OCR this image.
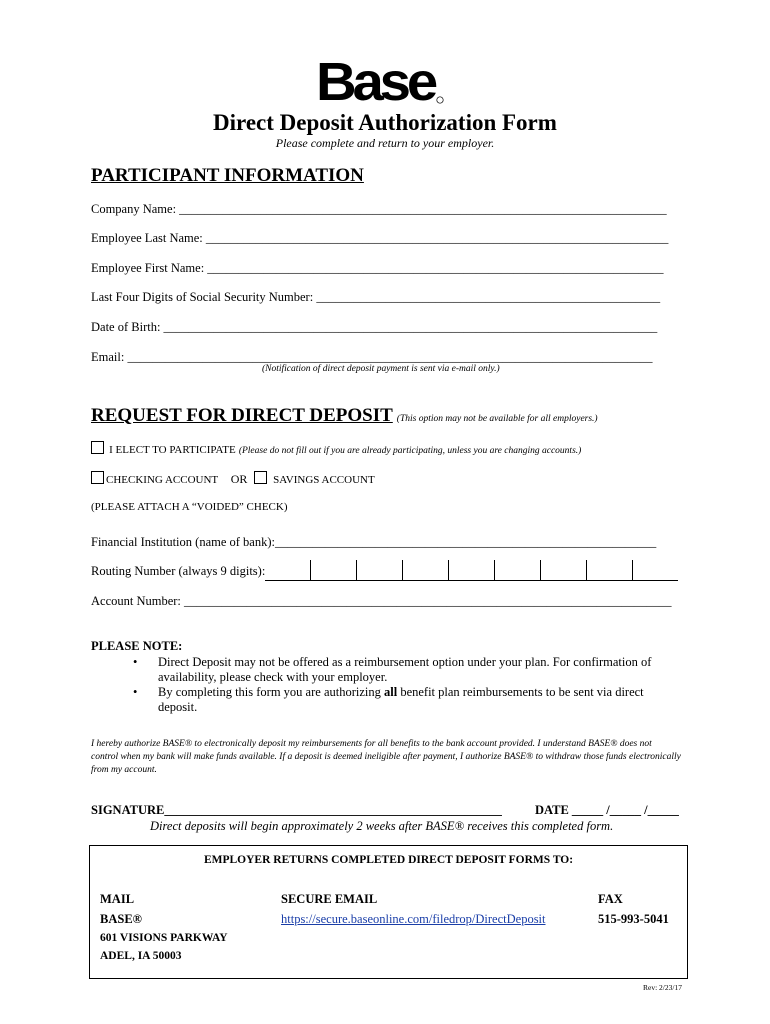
Base
Direct Deposit Authorization Form
Please complete and return to your employer.
PARTICIPANT INFORMATION
Company Name: ______________________________________________________________________________
Employee Last Name: __________________________________________________________________________
Employee First Name: _________________________________________________________________________
Last Four Digits of Social Security Number: _______________________________________________________
Date of Birth: _______________________________________________________________________________
Email: ____________________________________________________________________________________
(Notification of direct deposit payment is sent via e-mail only.)
REQUEST FOR DIRECT DEPOSIT (This option may not be available for all employers.)
I ELECT TO PARTICIPATE (Please do not fill out if you are already participating, unless you are changing accounts.)
CHECKING ACCOUNT OR SAVINGS ACCOUNT
(PLEASE ATTACH A “VOIDED” CHECK)
Financial Institution (name of bank):_____________________________________________________________
Routing Number (always 9 digits):
Account Number: ______________________________________________________________________________
PLEASE NOTE:
• Direct Deposit may not be offered as a reimbursement option under your plan. For confirmation of availability, please check with your employer.
• By completing this form you are authorizing all benefit plan reimbursements to be sent via direct deposit.
I hereby authorize BASE® to electronically deposit my reimbursements for all benefits to the bank account provided. I understand BASE® does not control when my bank will make funds available. If a deposit is deemed ineligible after payment, I authorize BASE® to withdraw those funds electronically from my account.
SIGNATURE______________________________________________________	DATE _____ /_____ /_____
Direct deposits will begin approximately 2 weeks after BASE® receives this completed form.
EMPLOYER RETURNS COMPLETED DIRECT DEPOSIT FORMS TO:
MAIL
BASE®
601 VISIONS PARKWAY
ADEL, IA 50003
SECURE EMAIL
https://secure.baseonline.com/filedrop/DirectDeposit
FAX
515-993-5041
Rev: 2/23/17
